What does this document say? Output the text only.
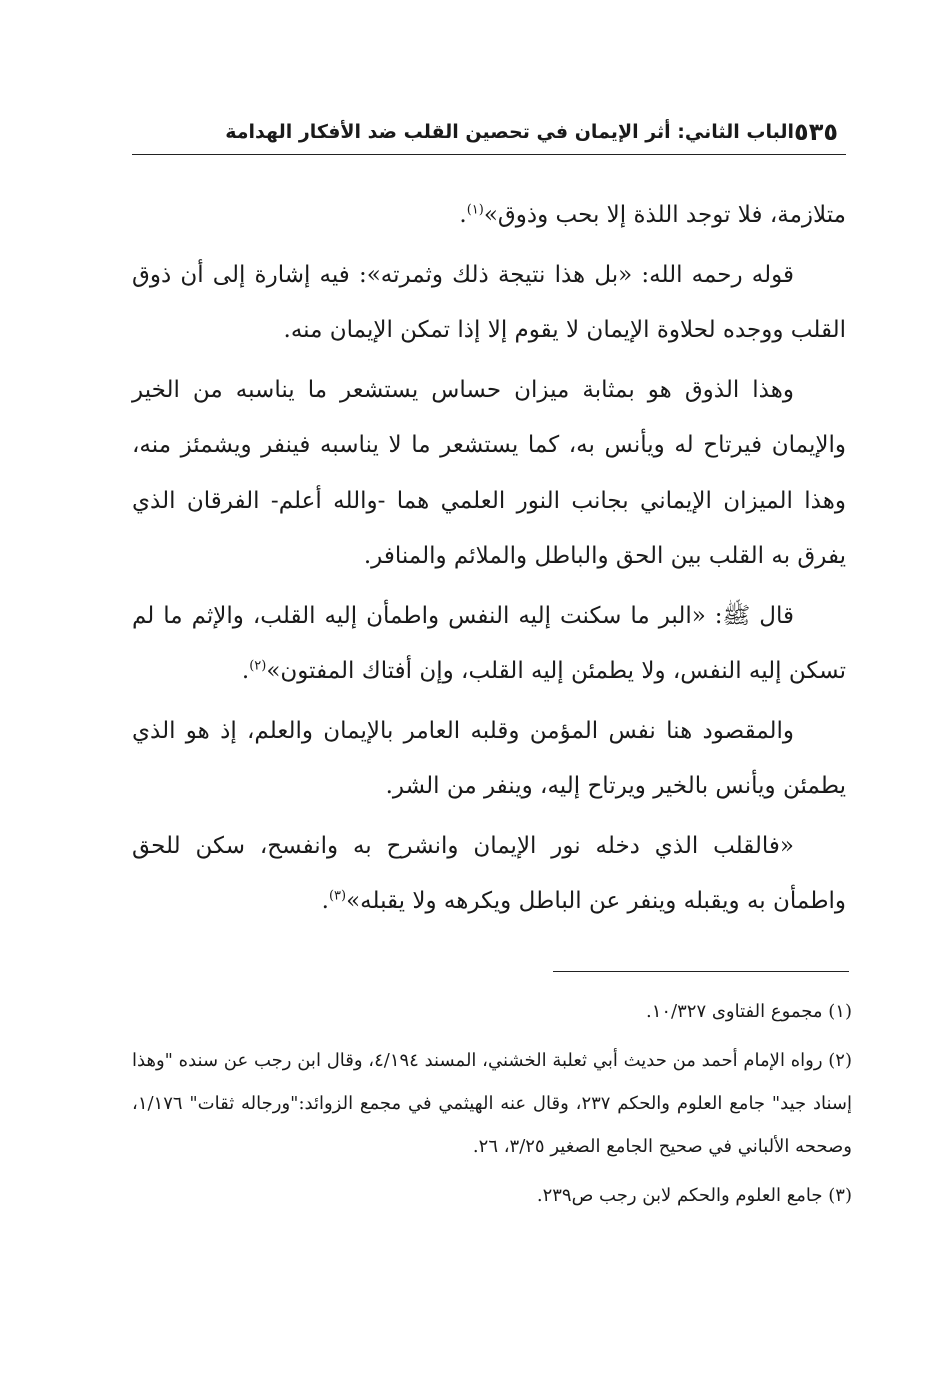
٥٣٥
الباب الثاني: أثر الإيمان في تحصين القلب ضد الأفكار الهدامة

متلازمة، فلا توجد اللذة إلا بحب وذوق»$^{(١)}$.

قوله رحمه الله: «بل هذا نتيجة ذلك وثمرته»: فيه إشارة إلى أن ذوق القلب ووجده لحلاوة الإيمان لا يقوم إلا إذا تمكن الإيمان منه.

وهذا الذوق هو بمثابة ميزان حساس يستشعر ما يناسبه من الخير والإيمان فيرتاح له ويأنس به، كما يستشعر ما لا يناسبه فينفر ويشمئز منه، وهذا الميزان الإيماني بجانب النور العلمي هما -والله أعلم- الفرقان الذي يفرق به القلب بين الحق والباطل والملائم والمنافر.

قال ﷺ: «البر ما سكنت إليه النفس واطمأن إليه القلب، والإثم ما لم تسكن إليه النفس، ولا يطمئن إليه القلب، وإن أفتاك المفتون»$^{(٢)}$.

والمقصود هنا نفس المؤمن وقلبه العامر بالإيمان والعلم، إذ هو الذي يطمئن ويأنس بالخير ويرتاح إليه، وينفر من الشر.

«فالقلب الذي دخله نور الإيمان وانشرح به وانفسح، سكن للحق واطمأن به ويقبله وينفر عن الباطل ويكرهه ولا يقبله»$^{(٣)}$.

(١) مجموع الفتاوى ١٠/٣٢٧.

(٢) رواه الإمام أحمد من حديث أبي ثعلبة الخشني، المسند ٤/١٩٤، وقال ابن رجب عن سنده "وهذا إسناد جيد" جامع العلوم والحكم ٢٣٧، وقال عنه الهيثمي في مجمع الزوائد:"ورجاله ثقات" ١/١٧٦، وصححه الألباني في صحيح الجامع الصغير ٣/٢٥، ٢٦.

(٣) جامع العلوم والحكم لابن رجب ص٢٣٩.
